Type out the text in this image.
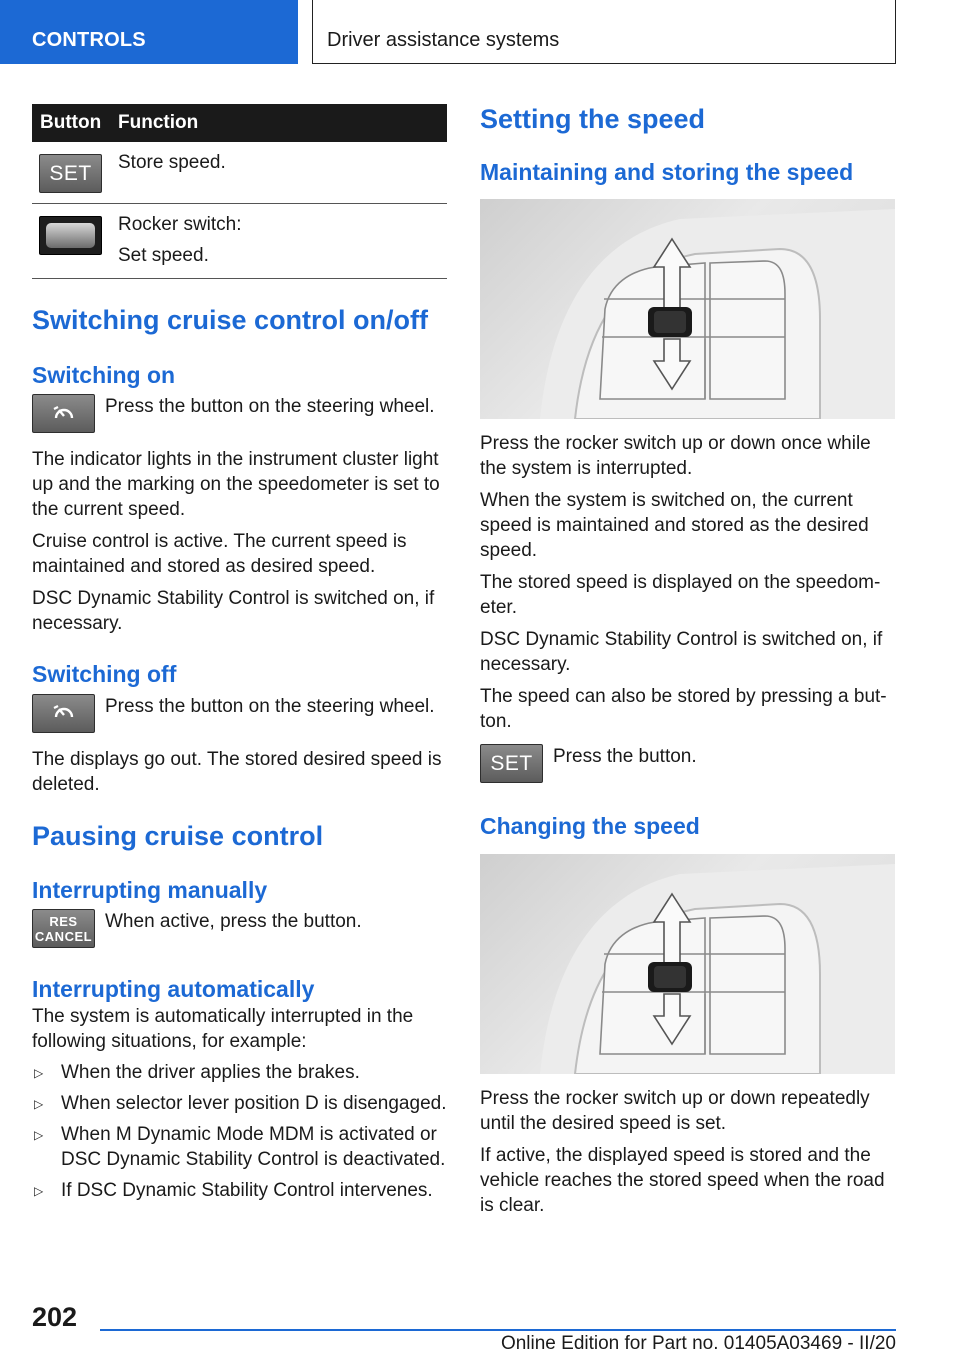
CONTROLS	Driver assistance systems
Button	Function

SET	Store speed.

	Rocker switch:

Set speed.

Switching cruise control on/off
Switching on
Press the button on the steering wheel.

The indicator lights in the instrument cluster light up and the marking on the speedometer is set to the current speed.

Cruise control is active. The current speed is maintained and stored as desired speed.

DSC Dynamic Stability Control is switched on, if necessary.

Switching off
Press the button on the steering wheel.

The displays go out. The stored desired speed is deleted.

Pausing cruise control
Interrupting manually
RES
CANCEL
When active, press the button.
Interrupting automatically

The system is automatically interrupted in the following situations, for example:

▷ When the driver applies the brakes.
▷ When selector lever position D is disengaged.
▷ When M Dynamic Mode MDM is activated or DSC Dynamic Stability Control is deactivated.
▷ If DSC Dynamic Stability Control intervenes.
Setting the speed
Maintaining and storing the speed

Press the rocker switch up or down once while the system is interrupted.

When the system is switched on, the current speed is maintained and stored as the desired speed.

The stored speed is displayed on the speedom‐eter.

DSC Dynamic Stability Control is switched on, if necessary.

The speed can also be stored by pressing a but‐ton.

SET	Press the button.
Changing the speed

Press the rocker switch up or down repeatedly until the desired speed is set.

If active, the displayed speed is stored and the vehicle reaches the stored speed when the road is clear.

202
Online Edition for Part no. 01405A03469 - II/20
